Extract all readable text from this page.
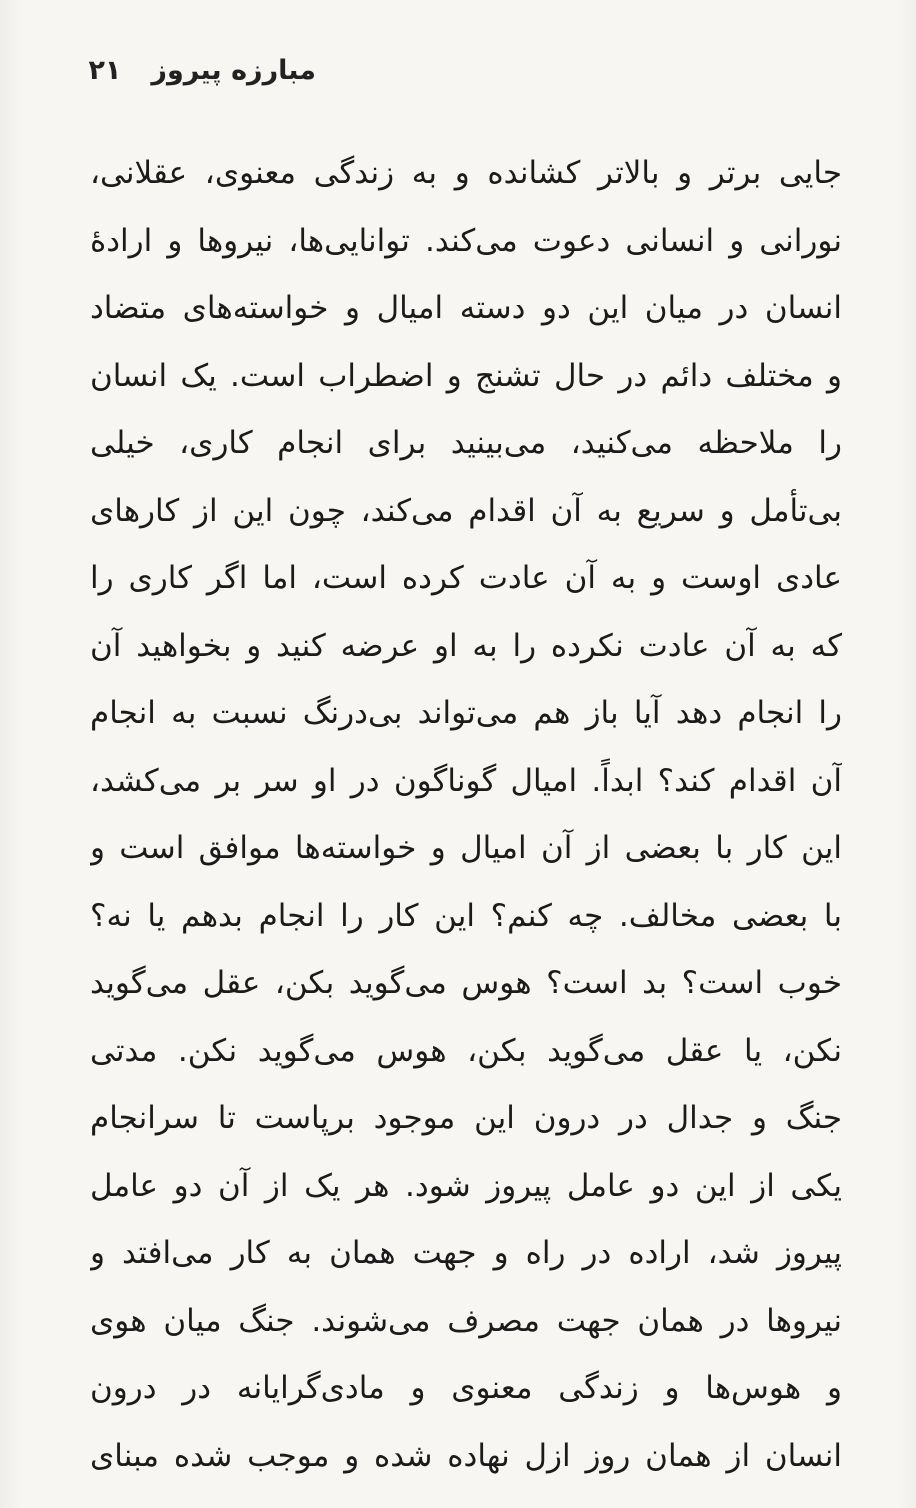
مبارزه پیروز
۲۱
جایی برتر و بالاتر کشانده و به زندگی معنوی، عقلانی،
نورانی و انسانی دعوت می‌کند. توانایی‌ها، نیروها و ارادهٔ
انسان در میان این دو دسته امیال و خواسته‌های متضاد
و مختلف دائم در حال تشنج و اضطراب است. یک انسان
را ملاحظه می‌کنید، می‌بینید برای انجام کاری، خیلی
بی‌تأمل و سریع به آن اقدام می‌کند، چون این از کارهای
عادی اوست و به آن عادت کرده است، اما اگر کاری را
که به آن عادت نکرده را به او عرضه کنید و بخواهید آن
را انجام دهد آیا باز هم می‌تواند بی‌درنگ نسبت به انجام
آن اقدام کند؟ ابداً. امیال گوناگون در او سر بر می‌کشد،
این کار با بعضی از آن امیال و خواسته‌ها موافق است و
با بعضی مخالف. چه کنم؟ این کار را انجام بدهم یا نه؟
خوب است؟ بد است؟ هوس می‌گوید بکن، عقل می‌گوید
نکن، یا عقل می‌گوید بکن، هوس می‌گوید نکن. مدتی
جنگ و جدال در درون این موجود برپاست تا سرانجام
یکی از این دو عامل پیروز شود. هر یک از آن دو عامل
پیروز شد، اراده در راه و جهت همان به کار می‌افتد و
نیروها در همان جهت مصرف می‌شوند. جنگ میان هوی
و هوس‌ها و زندگی معنوی و مادی‌گرایانه در درون
انسان از همان روز ازل نهاده شده و موجب شده مبنای
